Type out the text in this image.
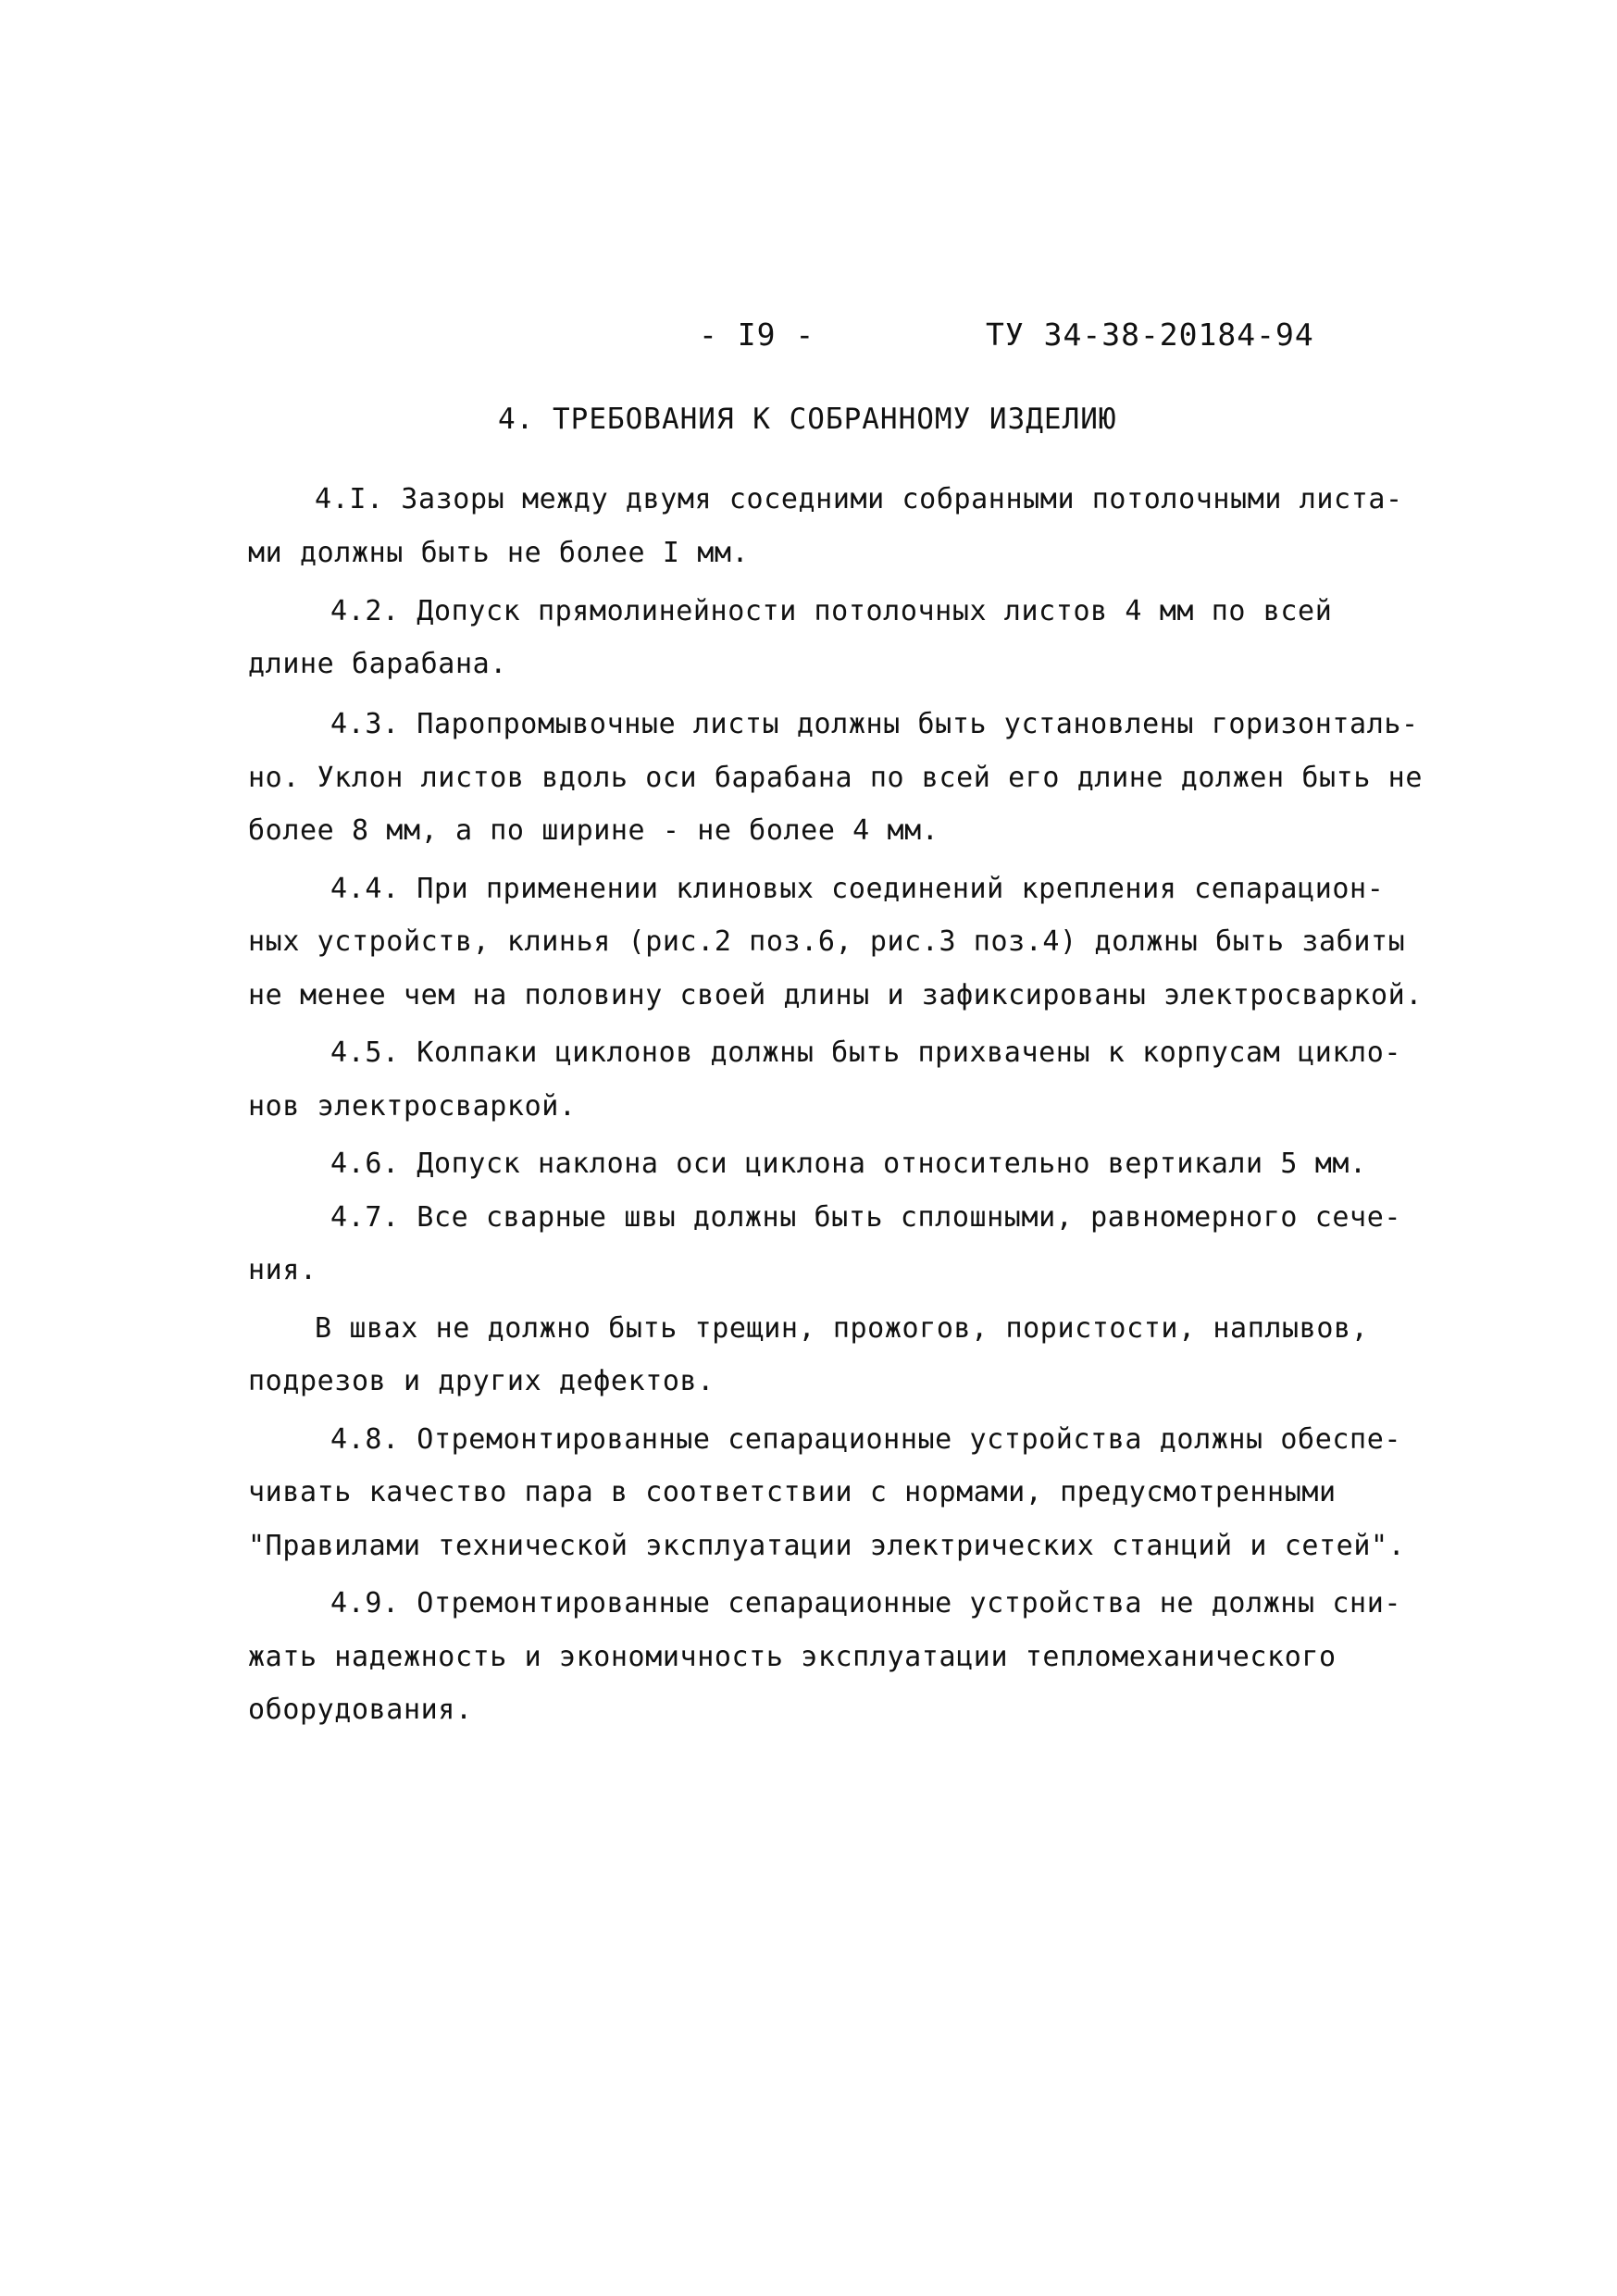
- I9 -	ТУ 34-38-20184-94
4. ТРЕБОВАНИЯ К СОБРАННОМУ ИЗДЕЛИЮ
4.I. Зазоры между двумя соседними собранными потолочными листа-
ми должны быть не более I мм.
4.2. Допуск прямолинейности потолочных листов 4 мм по всей
длине барабана.
4.3. Паропромывочные листы должны быть установлены горизонталь-
но. Уклон листов вдоль оси барабана по всей его длине должен быть не
более 8 мм, а по ширине - не более 4 мм.
4.4. При применении клиновых соединений крепления сепарацион-
ных устройств, клинья (рис.2 поз.6, рис.3 поз.4) должны быть забиты
не менее чем на половину своей длины и зафиксированы электросваркой.
4.5. Колпаки циклонов должны быть прихвачены к корпусам циклo-
нов электросваркой.
4.6. Допуск наклона оси циклона относительно вертикали 5 мм.
4.7. Все сварные швы должны быть сплошными, равномерного сече-
ния.
В швах не должно быть трещин, прожогов, пористости, наплывов,
подрезов и других дефектов.
4.8. Отремонтированные сепарационные устройства должны обеспе-
чивать качество пара в соответствии с нормами, предусмотренными
"Правилами технической эксплуатации электрических станций и сетей".
4.9. Отремонтированные сепарационные устройства не должны сни-
жать надежность и экономичность эксплуатации тепломеханического
оборудования.
